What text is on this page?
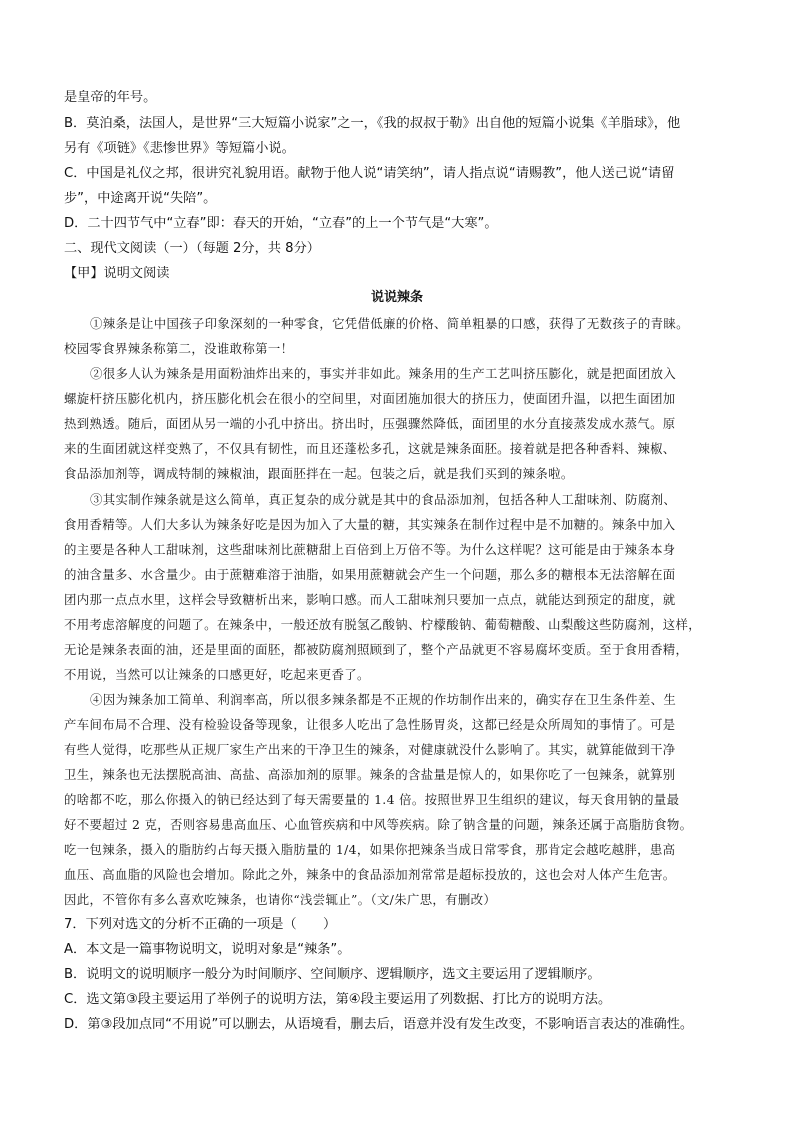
是皇帝的年号。
B．莫泊桑，法国人，是世界“三大短篇小说家”之一，《我的叔叔于勒》出自他的短篇小说集《羊脂球》，他
另有《项链》《悲惨世界》等短篇小说。
C．中国是礼仪之邦，很讲究礼貌用语。献物于他人说“请笑纳”，请人指点说“请赐教”，他人送己说“请留
步”，中途离开说“失陪”。
D．二十四节气中“立春”即：春天的开始，“立春”的上一个节气是“大寒”。
二、现代文阅读（一）（每题 2分，共 8分）
【甲】说明文阅读
说说辣条
①辣条是让中国孩子印象深刻的一种零食，它凭借低廉的价格、简单粗暴的口感，获得了无数孩子的青睐。
校园零食界辣条称第二，没谁敢称第一！
②很多人认为辣条是用面粉油炸出来的，事实并非如此。辣条用的生产工艺叫挤压膨化，就是把面团放入
螺旋杆挤压膨化机内，挤压膨化机会在很小的空间里，对面团施加很大的挤压力，使面团升温，以把生面团加
热到熟透。随后，面团从另一端的小孔中挤出。挤出时，压强骤然降低，面团里的水分直接蒸发成水蒸气。原
来的生面团就这样变熟了，不仅具有韧性，而且还蓬松多孔，这就是辣条面胚。接着就是把各种香料、辣椒、
食品添加剂等，调成特制的辣椒油，跟面胚拌在一起。包装之后，就是我们买到的辣条啦。
③其实制作辣条就是这么简单，真正复杂的成分就是其中的食品添加剂，包括各种人工甜味剂、防腐剂、
食用香精等。人们大多认为辣条好吃是因为加入了大量的糖，其实辣条在制作过程中是不加糖的。辣条中加入
的主要是各种人工甜味剂，这些甜味剂比蔗糖甜上百倍到上万倍不等。为什么这样呢？这可能是由于辣条本身
的油含量多、水含量少。由于蔗糖难溶于油脂，如果用蔗糖就会产生一个问题，那么多的糖根本无法溶解在面
团内那一点点水里，这样会导致糖析出来，影响口感。而人工甜味剂只要加一点点，就能达到预定的甜度，就
不用考虑溶解度的问题了。在辣条中，一般还放有脱氢乙酸钠、柠檬酸钠、葡萄糖酸、山梨酸这些防腐剂，这样，
无论是辣条表面的油，还是里面的面胚，都被防腐剂照顾到了，整个产品就更不容易腐坏变质。至于食用香精，
不用说，当然可以让辣条的口感更好，吃起来更香了。
④因为辣条加工简单、利润率高，所以很多辣条都是不正规的作坊制作出来的，确实存在卫生条件差、生
产车间布局不合理、没有检验设备等现象，让很多人吃出了急性肠胃炎，这都已经是众所周知的事情了。可是
有些人觉得，吃那些从正规厂家生产出来的干净卫生的辣条，对健康就没什么影响了。其实，就算能做到干净
卫生，辣条也无法摆脱高油、高盐、高添加剂的原罪。辣条的含盐量是惊人的，如果你吃了一包辣条，就算别
的啥都不吃，那么你摄入的钠已经达到了每天需要量的 1.4 倍。按照世界卫生组织的建议，每天食用钠的量最
好不要超过 2 克，否则容易患高血压、心血管疾病和中风等疾病。除了钠含量的问题，辣条还属于高脂肪食物。
吃一包辣条，摄入的脂肪约占每天摄入脂肪量的 1/4，如果你把辣条当成日常零食，那肯定会越吃越胖，患高
血压、高血脂的风险也会增加。除此之外，辣条中的食品添加剂常常是超标投放的，这也会对人体产生危害。
因此，不管你有多么喜欢吃辣条，也请你“浅尝辄止”。（文/朱广思，有删改）
7．下列对选文的分析不正确的一项是（　　）
A．本文是一篇事物说明文，说明对象是“辣条”。
B．说明文的说明顺序一般分为时间顺序、空间顺序、逻辑顺序，选文主要运用了逻辑顺序。
C．选文第③段主要运用了举例子的说明方法，第④段主要运用了列数据、打比方的说明方法。
D．第③段加点同“不用说”可以删去，从语境看，删去后，语意并没有发生改变，不影响语言表达的准确性。
